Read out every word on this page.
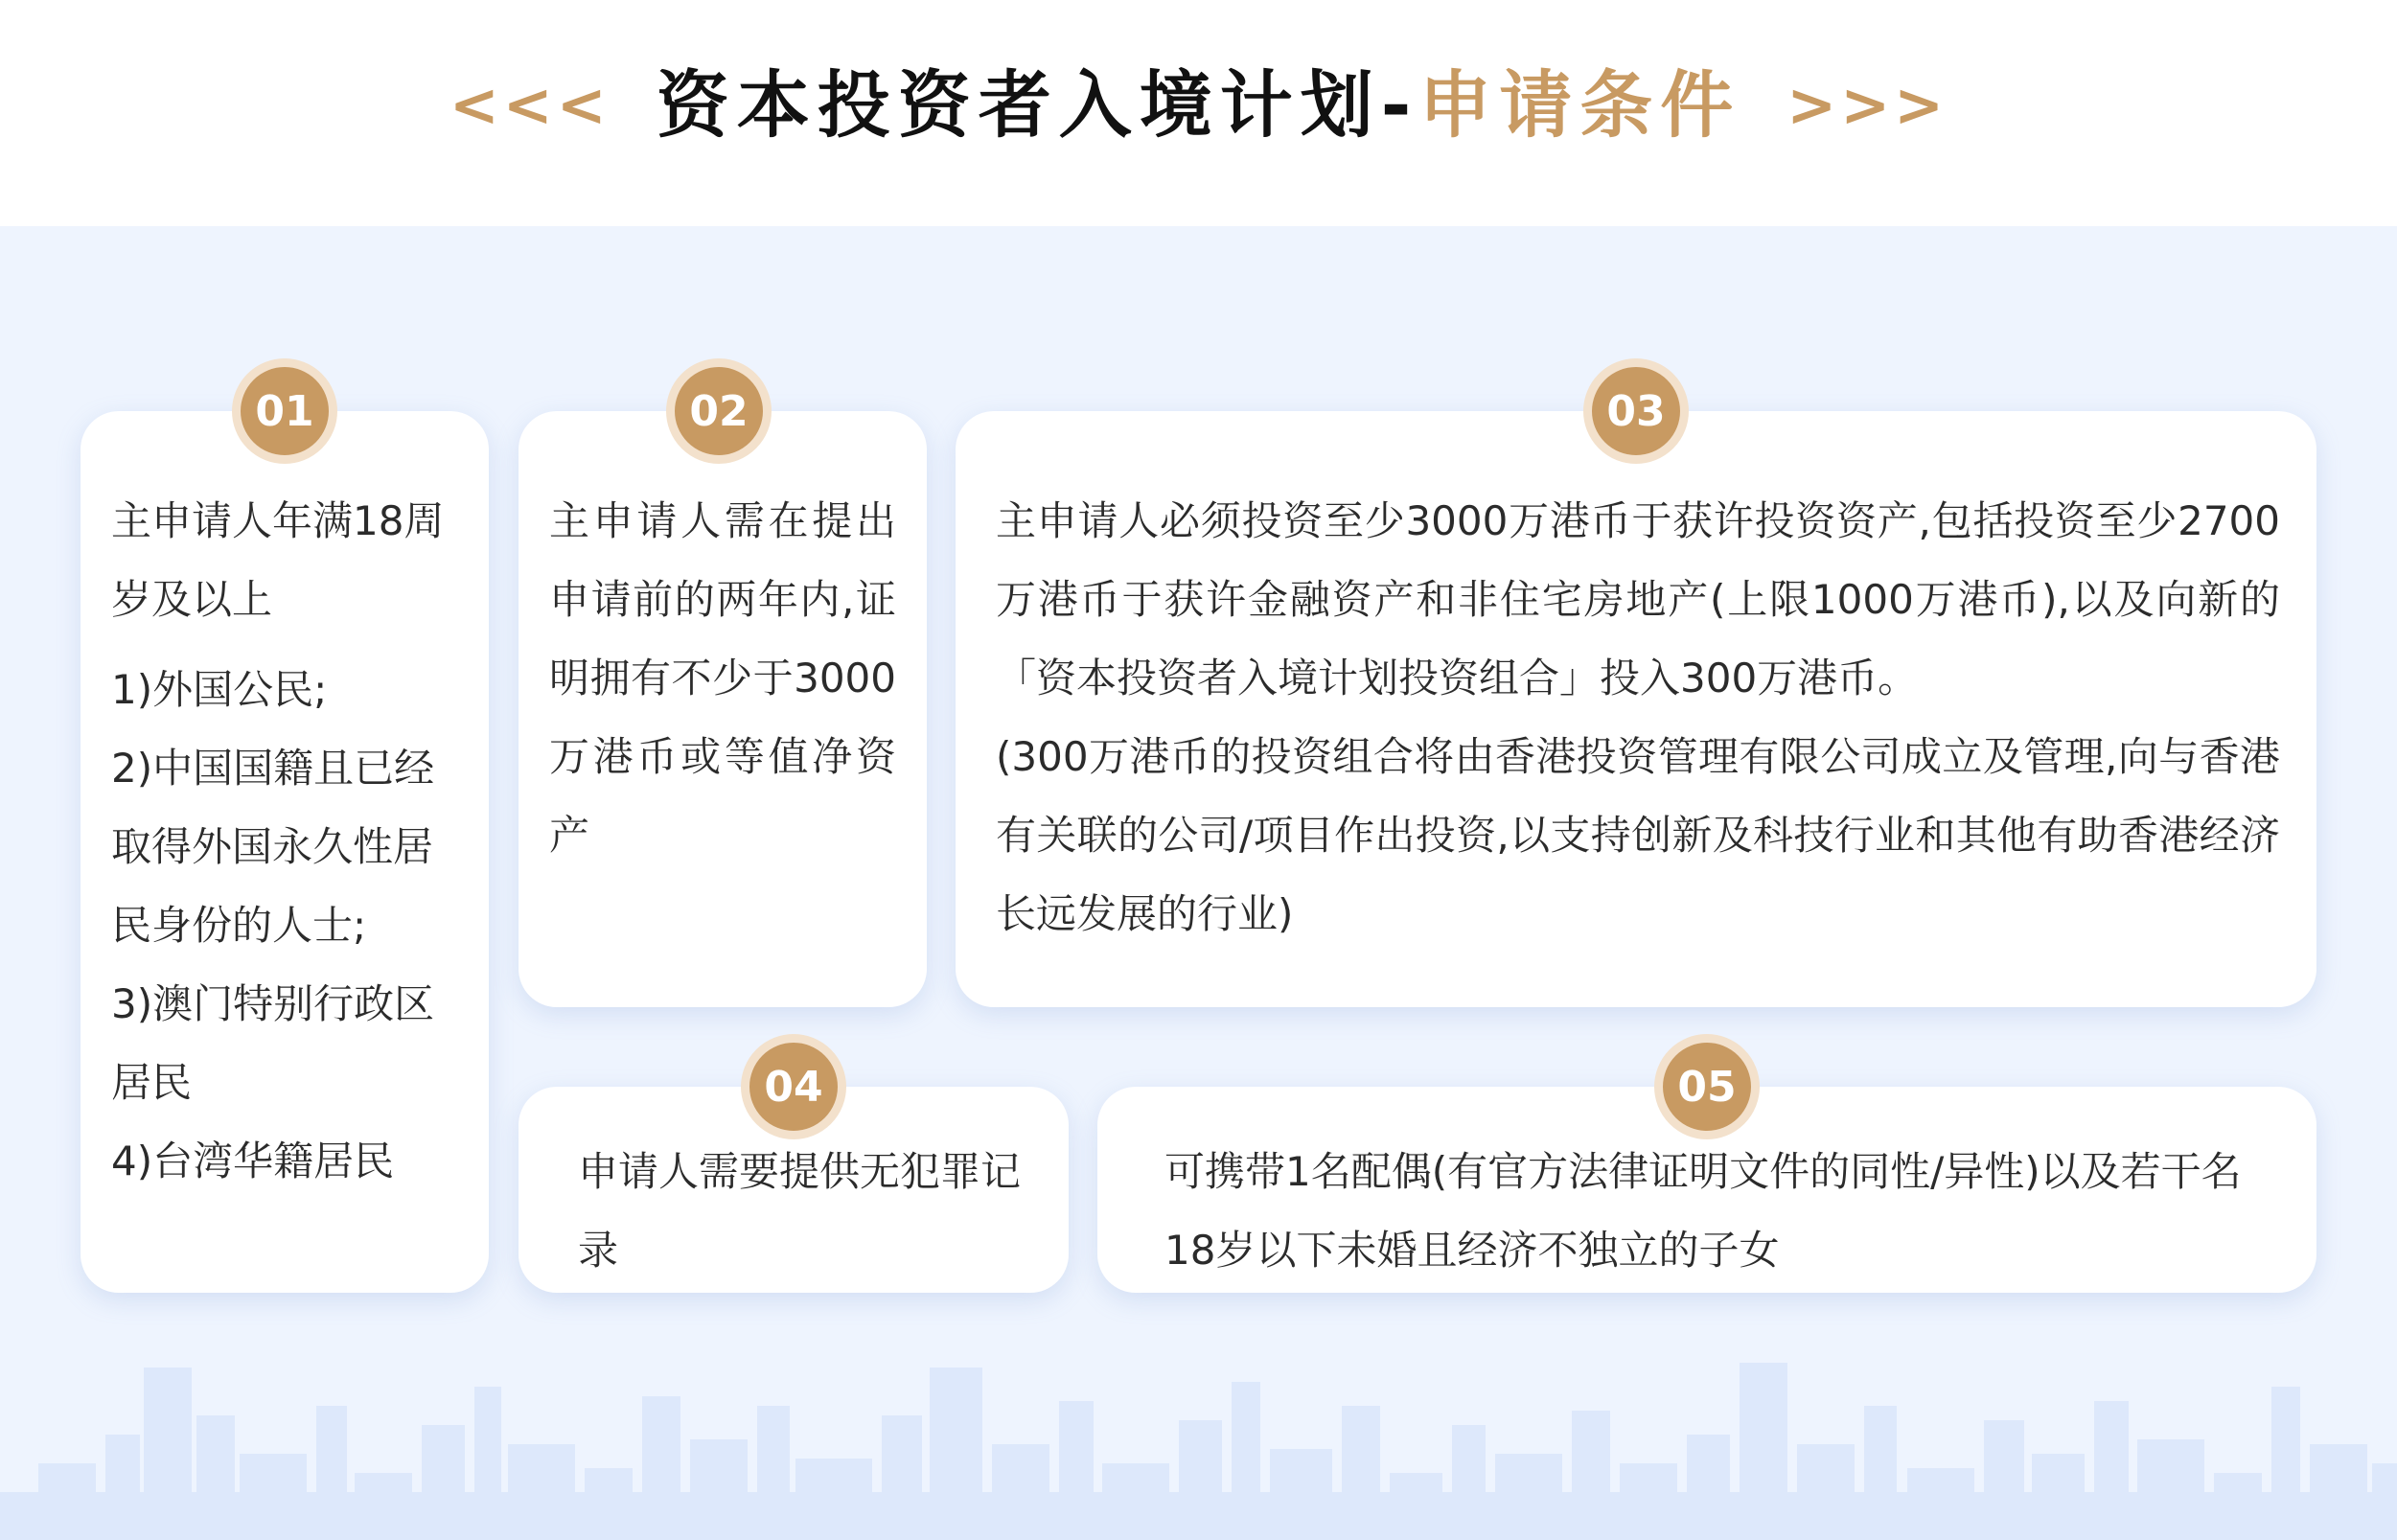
<<< 资本投资者入境计划-申请条件 >>>
01

主申请人年满18周岁及以上

1)外国公民;

2)中国国籍且已经取得外国永久性居民身份的人士;

3)澳门特别行政区居民

4)台湾华籍居民

02
主申请人需在提出申请前的两年内,证明拥有不少于3000万港币或等值净资产
03

主申请人必须投资至少3000万港币于获许投资资产,包括投资至少2700万港币于获许金融资产和非住宅房地产(上限1000万港币),以及向新的「资本投资者入境计划投资组合」投入300万港币。

(300万港币的投资组合将由香港投资管理有限公司成立及管理,向与香港有关联的公司/项目作出投资,以支持创新及科技行业和其他有助香港经济长远发展的行业)

04
申请人需要提供无犯罪记录
05
可携带1名配偶(有官方法律证明文件的同性/异性)以及若干名18岁以下未婚且经济不独立的子女
